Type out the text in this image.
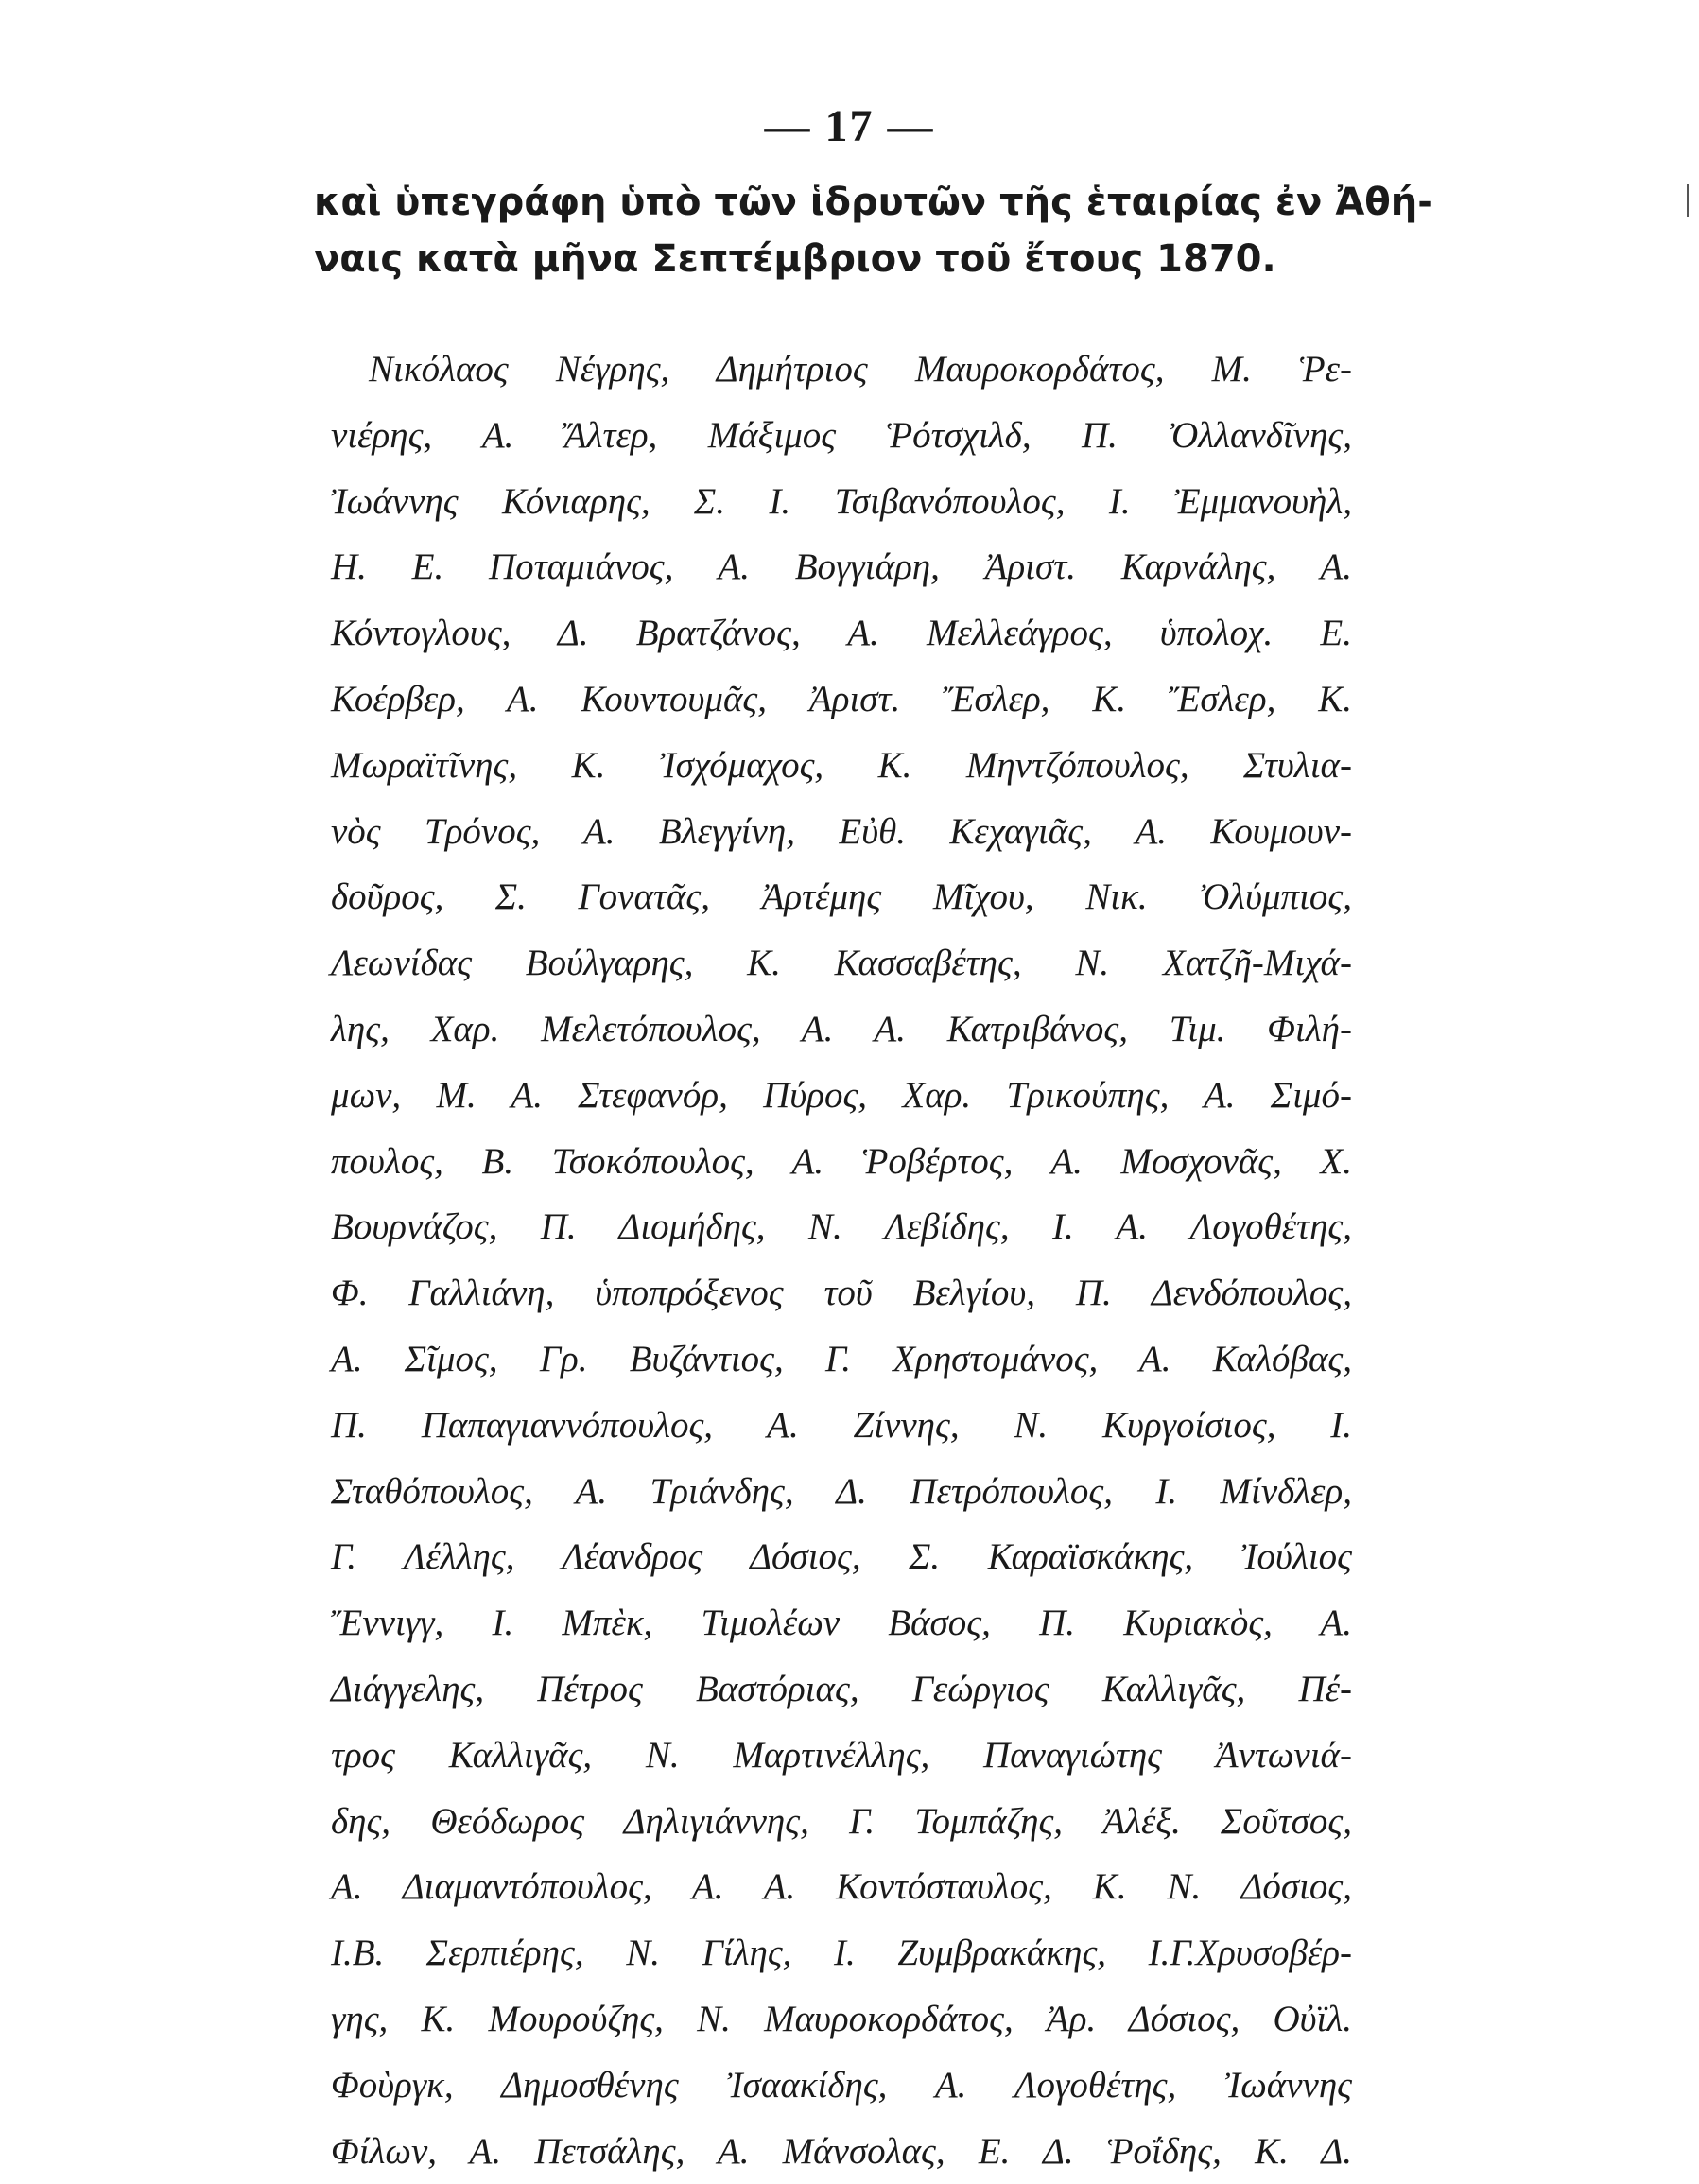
— 17 —
καὶ ὑπεγράφη ὑπὸ τῶν ἱδρυτῶν τῆς ἑταιρίας ἐν Ἀθή-
ναις κατὰ μῆνα Σεπτέμβριον τοῦ ἔτους 1870.
Νικόλαος Νέγρης, Δημήτριος Μαυροκορδάτος, Μ. Ῥε-
νιέρης, Α. Ἄλτερ, Μάξιμος Ῥότσχιλδ, Π. Ὀλλανδῖνης,
Ἰωάννης Κόνιαρης, Σ. Ι. Τσιβανόπουλος, Ι. Ἐμμανουὴλ,
Η. Ε. Ποταμιάνος, Α. Βογγιάρη, Ἀριστ. Καρνάλης, Α.
Κόντογλους, Δ. Βρατζάνος, Α. Μελλεάγρος, ὑπολοχ. Ε.
Κοέρβερ, Α. Κουντουμᾶς, Ἀριστ. Ἔσλερ, Κ. Ἔσλερ, Κ.
Μωραϊτῖνης, Κ. Ἰσχόμαχος, Κ. Μηντζόπουλος, Στυλια-
νὸς Τρόνος, Α. Βλεγγίνη, Εὐθ. Κεχαγιᾶς, Α. Κουμουν-
δοῦρος, Σ. Γονατᾶς, Ἀρτέμης Μῖχου, Νικ. Ὀλύμπιος,
Λεωνίδας Βούλγαρης, Κ. Κασσαβέτης, Ν. Χατζῆ-Μιχά-
λης, Χαρ. Μελετόπουλος, Α. Α. Κατριβάνος, Τιμ. Φιλή-
μων, Μ. Α. Στεφανόρ, Πύρος, Χαρ. Τρικούπης, Α. Σιμό-
πουλος, Β. Τσοκόπουλος, Α. Ῥοβέρτος, Α. Μοσχονᾶς, Χ.
Βουρνάζος, Π. Διομήδης, Ν. Λεβίδης, Ι. Α. Λογοθέτης,
Φ. Γαλλιάνη, ὑποπρόξενος τοῦ Βελγίου, Π. Δενδόπουλος,
Α. Σῖμος, Γρ. Βυζάντιος, Γ. Χρηστομάνος, Α. Καλόβας,
Π. Παπαγιαννόπουλος, Α. Ζίννης, Ν. Κυργοίσιος, Ι.
Σταθόπουλος, Α. Τριάνδης, Δ. Πετρόπουλος, Ι. Μίνδλερ,
Γ. Λέλλης, Λέανδρος Δόσιος, Σ. Καραϊσκάκης, Ἰούλιος
Ἔννιγγ, Ι. Μπὲκ, Τιμολέων Βάσος, Π. Κυριακὸς, Α.
Διάγγελης, Πέτρος Βαστόριας, Γεώργιος Καλλιγᾶς, Πέ-
τρος Καλλιγᾶς, Ν. Μαρτινέλλης, Παναγιώτης Ἀντωνιά-
δης, Θεόδωρος Δηλιγιάννης, Γ. Τομπάζης, Ἀλέξ. Σοῦτσος,
Α. Διαμαντόπουλος, Α. Α. Κοντόσταυλος, Κ. Ν. Δόσιος,
Ι.Β. Σερπιέρης, Ν. Γίλης, Ι. Ζυμβρακάκης, Ι.Γ.Χρυσοβέρ-
γης, Κ. Μουρούζης, Ν. Μαυροκορδάτος, Ἀρ. Δόσιος, Οὐϊλ.
Φοὺργκ, Δημοσθένης Ἰσαακίδης, Α. Λογοθέτης, Ἰωάννης
Φίλων, Α. Πετσάλης, Α. Μάνσολας, Ε. Δ. Ῥοΐδης, Κ. Δ.
